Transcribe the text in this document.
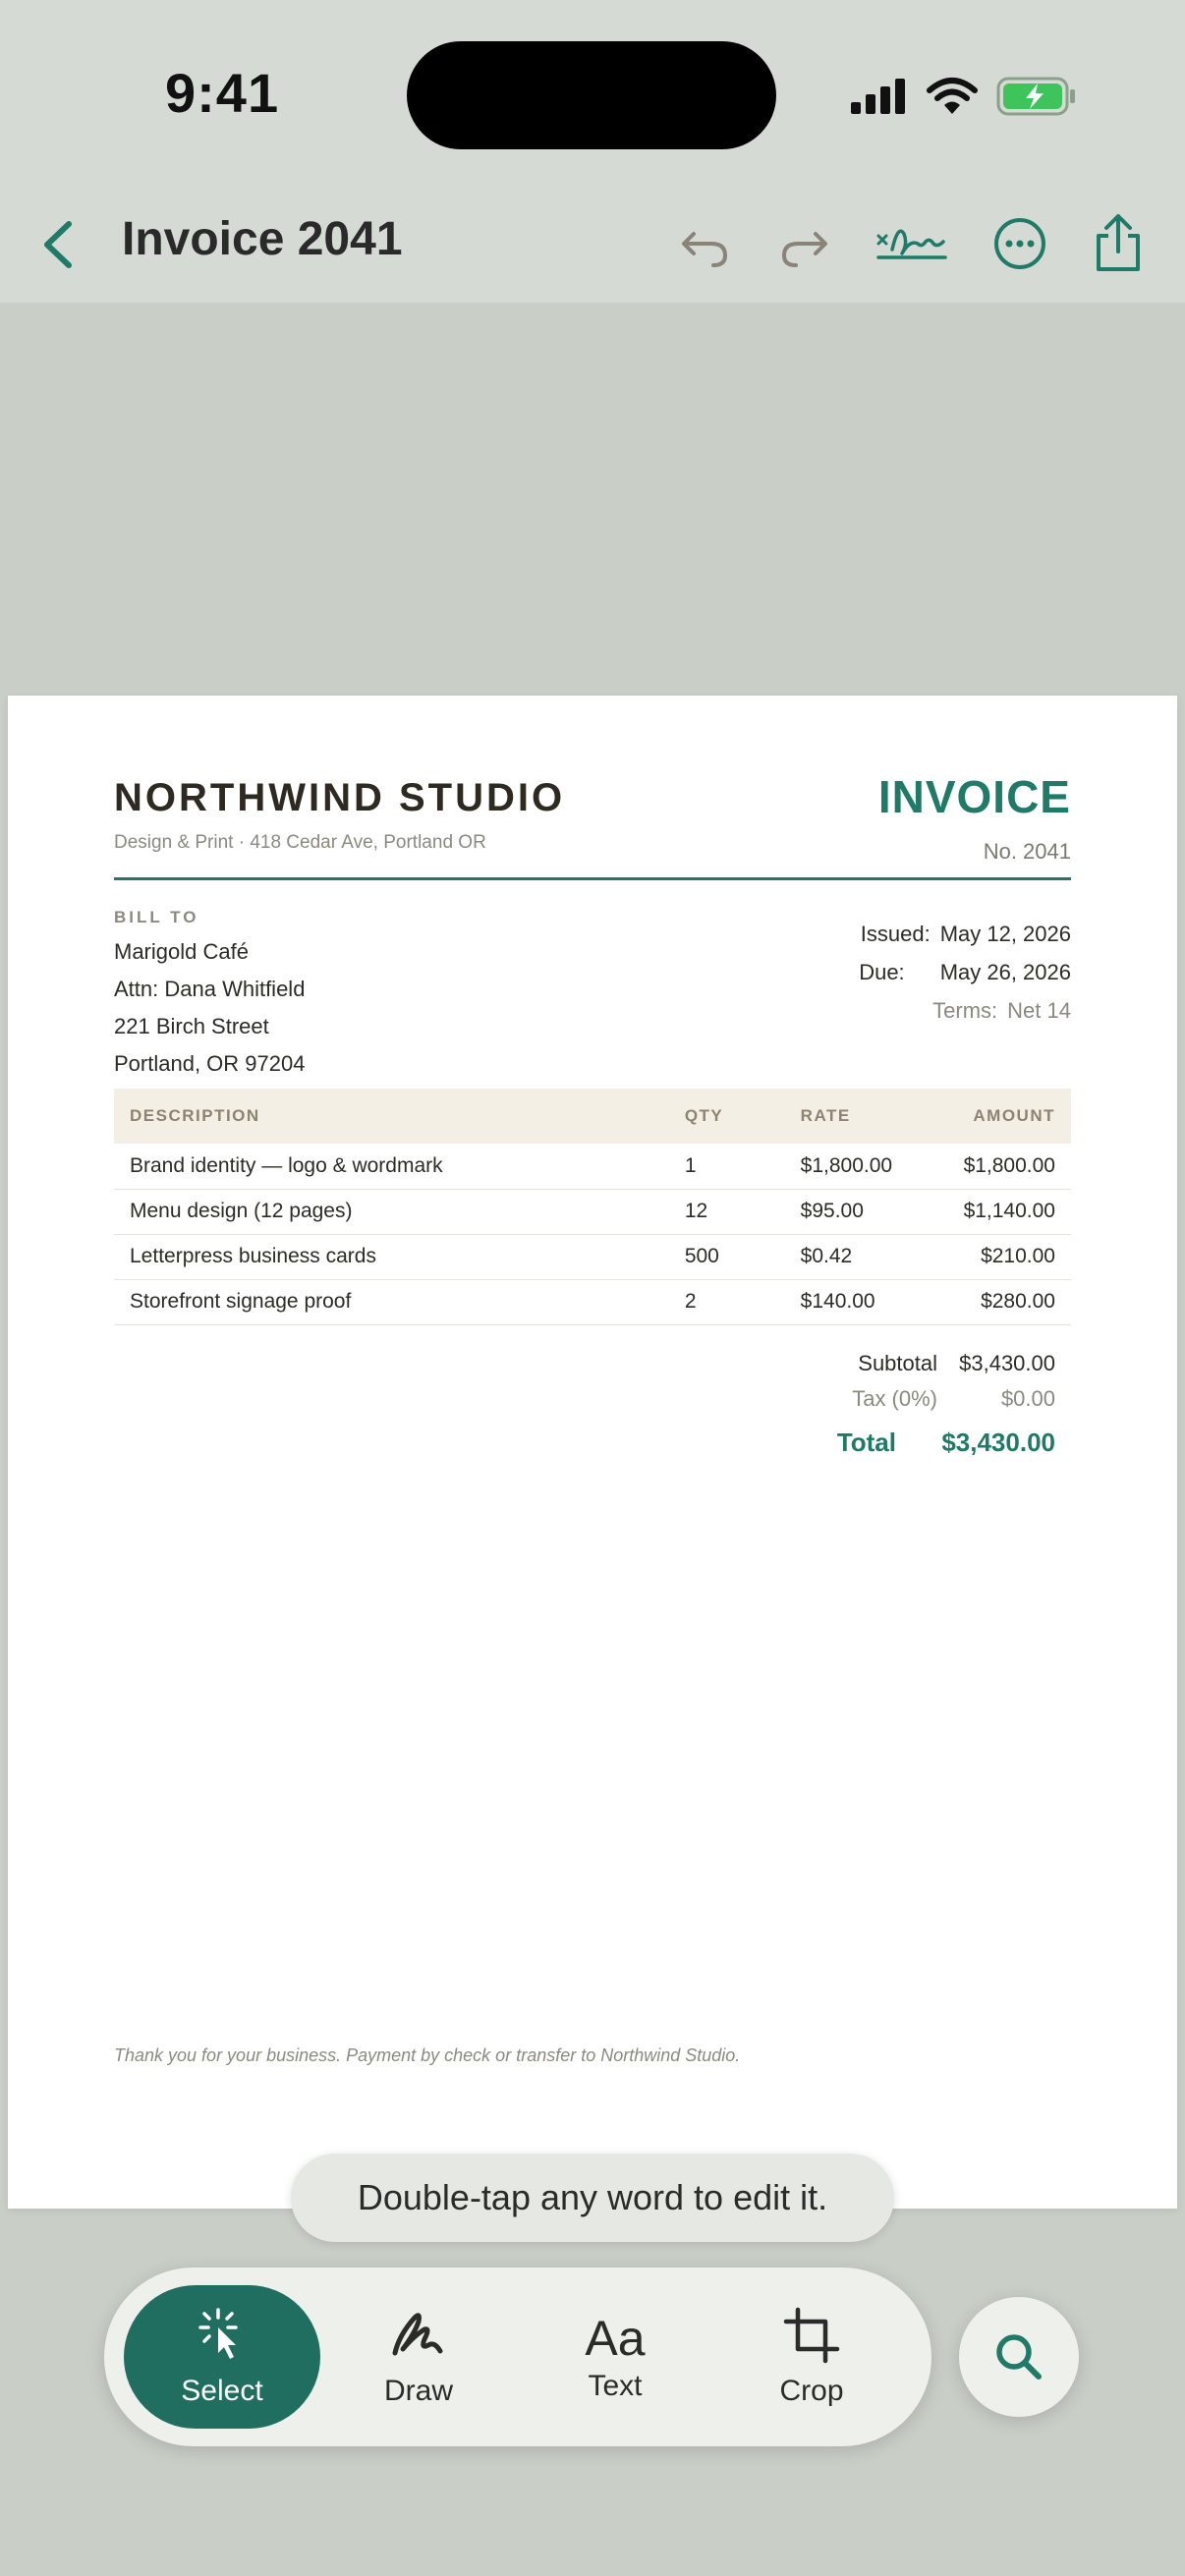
9:41
Invoice 2041
NORTHWIND STUDIO
Design & Print · 418 Cedar Ave, Portland OR
INVOICE
No. 2041
BILL TO
Marigold Café
Attn: Dana Whitfield
221 Birch Street
Portland, OR 97204
Issued: May 12, 2026
Due: May 26, 2026
Terms: Net 14
DESCRIPTION	QTY	RATE	AMOUNT
Brand identity — logo & wordmark	1	$1,800.00	$1,800.00
Menu design (12 pages)	12	$95.00	$1,140.00
Letterpress business cards	500	$0.42	$210.00
Storefront signage proof	2	$140.00	$280.00
Subtotal	$3,430.00
Tax (0%)	$0.00
Total	$3,430.00
Thank you for your business. Payment by check or transfer to Northwind Studio.
Double-tap any word to edit it.
Select	Draw
Aa
Text	Crop
